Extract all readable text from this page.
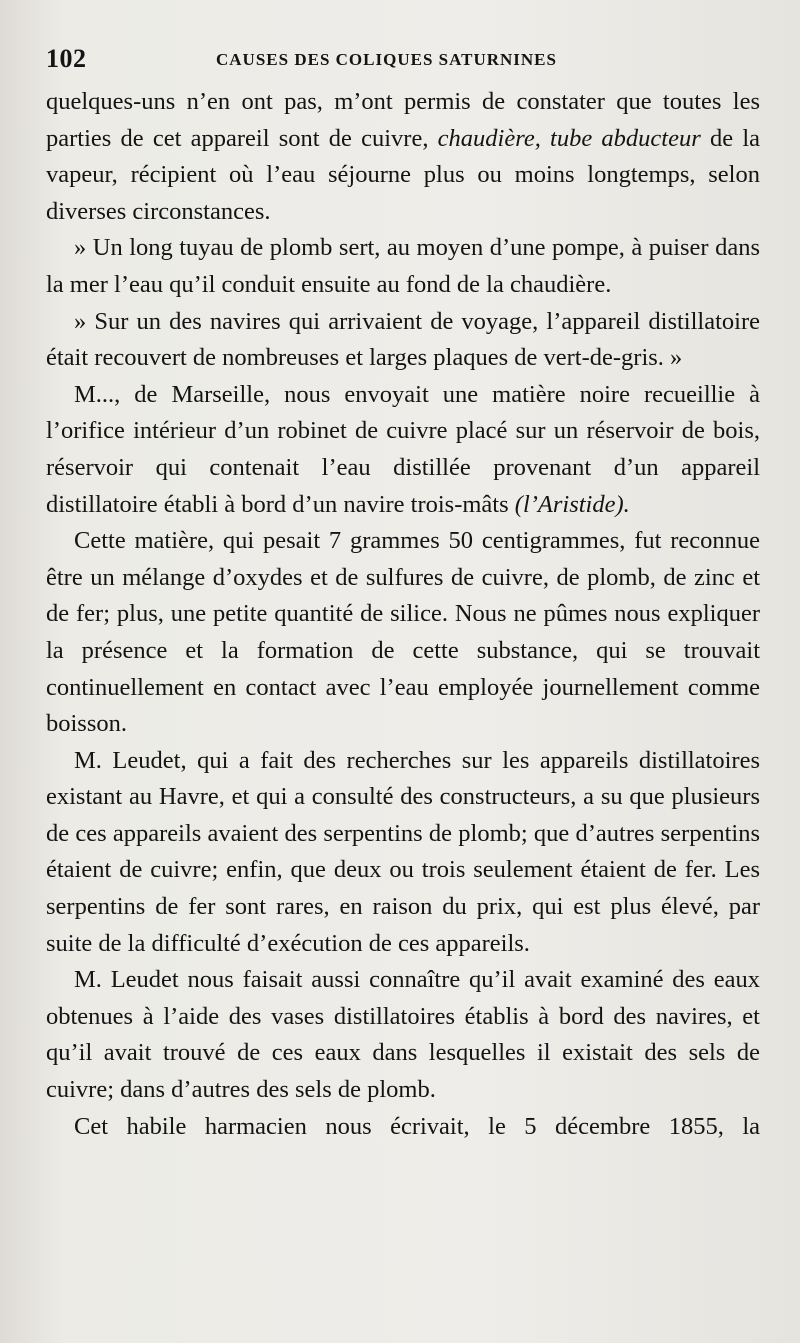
102	CAUSES DES COLIQUES SATURNINES

quelques-uns n’en ont pas, m’ont permis de constater que toutes les parties de cet appareil sont de cuivre, chaudière, tube abducteur de la vapeur, récipient où l’eau séjourne plus ou moins longtemps, selon diverses circonstances.

» Un long tuyau de plomb sert, au moyen d’une pompe, à puiser dans la mer l’eau qu’il conduit ensuite au fond de la chaudière.

» Sur un des navires qui arrivaient de voyage, l’appareil distillatoire était recouvert de nombreuses et larges plaques de vert-de-gris. »

M..., de Marseille, nous envoyait une matière noire recueillie à l’orifice intérieur d’un robinet de cuivre placé sur un réservoir de bois, réservoir qui contenait l’eau distillée provenant d’un appareil distillatoire établi à bord d’un navire trois-mâts (l’Aristide).

Cette matière, qui pesait 7 grammes 50 centigrammes, fut reconnue être un mélange d’oxydes et de sulfures de cuivre, de plomb, de zinc et de fer; plus, une petite quantité de silice. Nous ne pûmes nous expliquer la présence et la formation de cette substance, qui se trouvait continuellement en contact avec l’eau employée journellement comme boisson.

M. Leudet, qui a fait des recherches sur les appareils distillatoires existant au Havre, et qui a consulté des constructeurs, a su que plusieurs de ces appareils avaient des serpentins de plomb; que d’autres serpentins étaient de cuivre; enfin, que deux ou trois seulement étaient de fer. Les serpentins de fer sont rares, en raison du prix, qui est plus élevé, par suite de la difficulté d’exécution de ces appareils.

M. Leudet nous faisait aussi connaître qu’il avait examiné des eaux obtenues à l’aide des vases distillatoires établis à bord des navires, et qu’il avait trouvé de ces eaux dans lesquelles il existait des sels de cuivre; dans d’autres des sels de plomb.

Cet habile harmacien nous écrivait, le 5 décembre 1855, la
